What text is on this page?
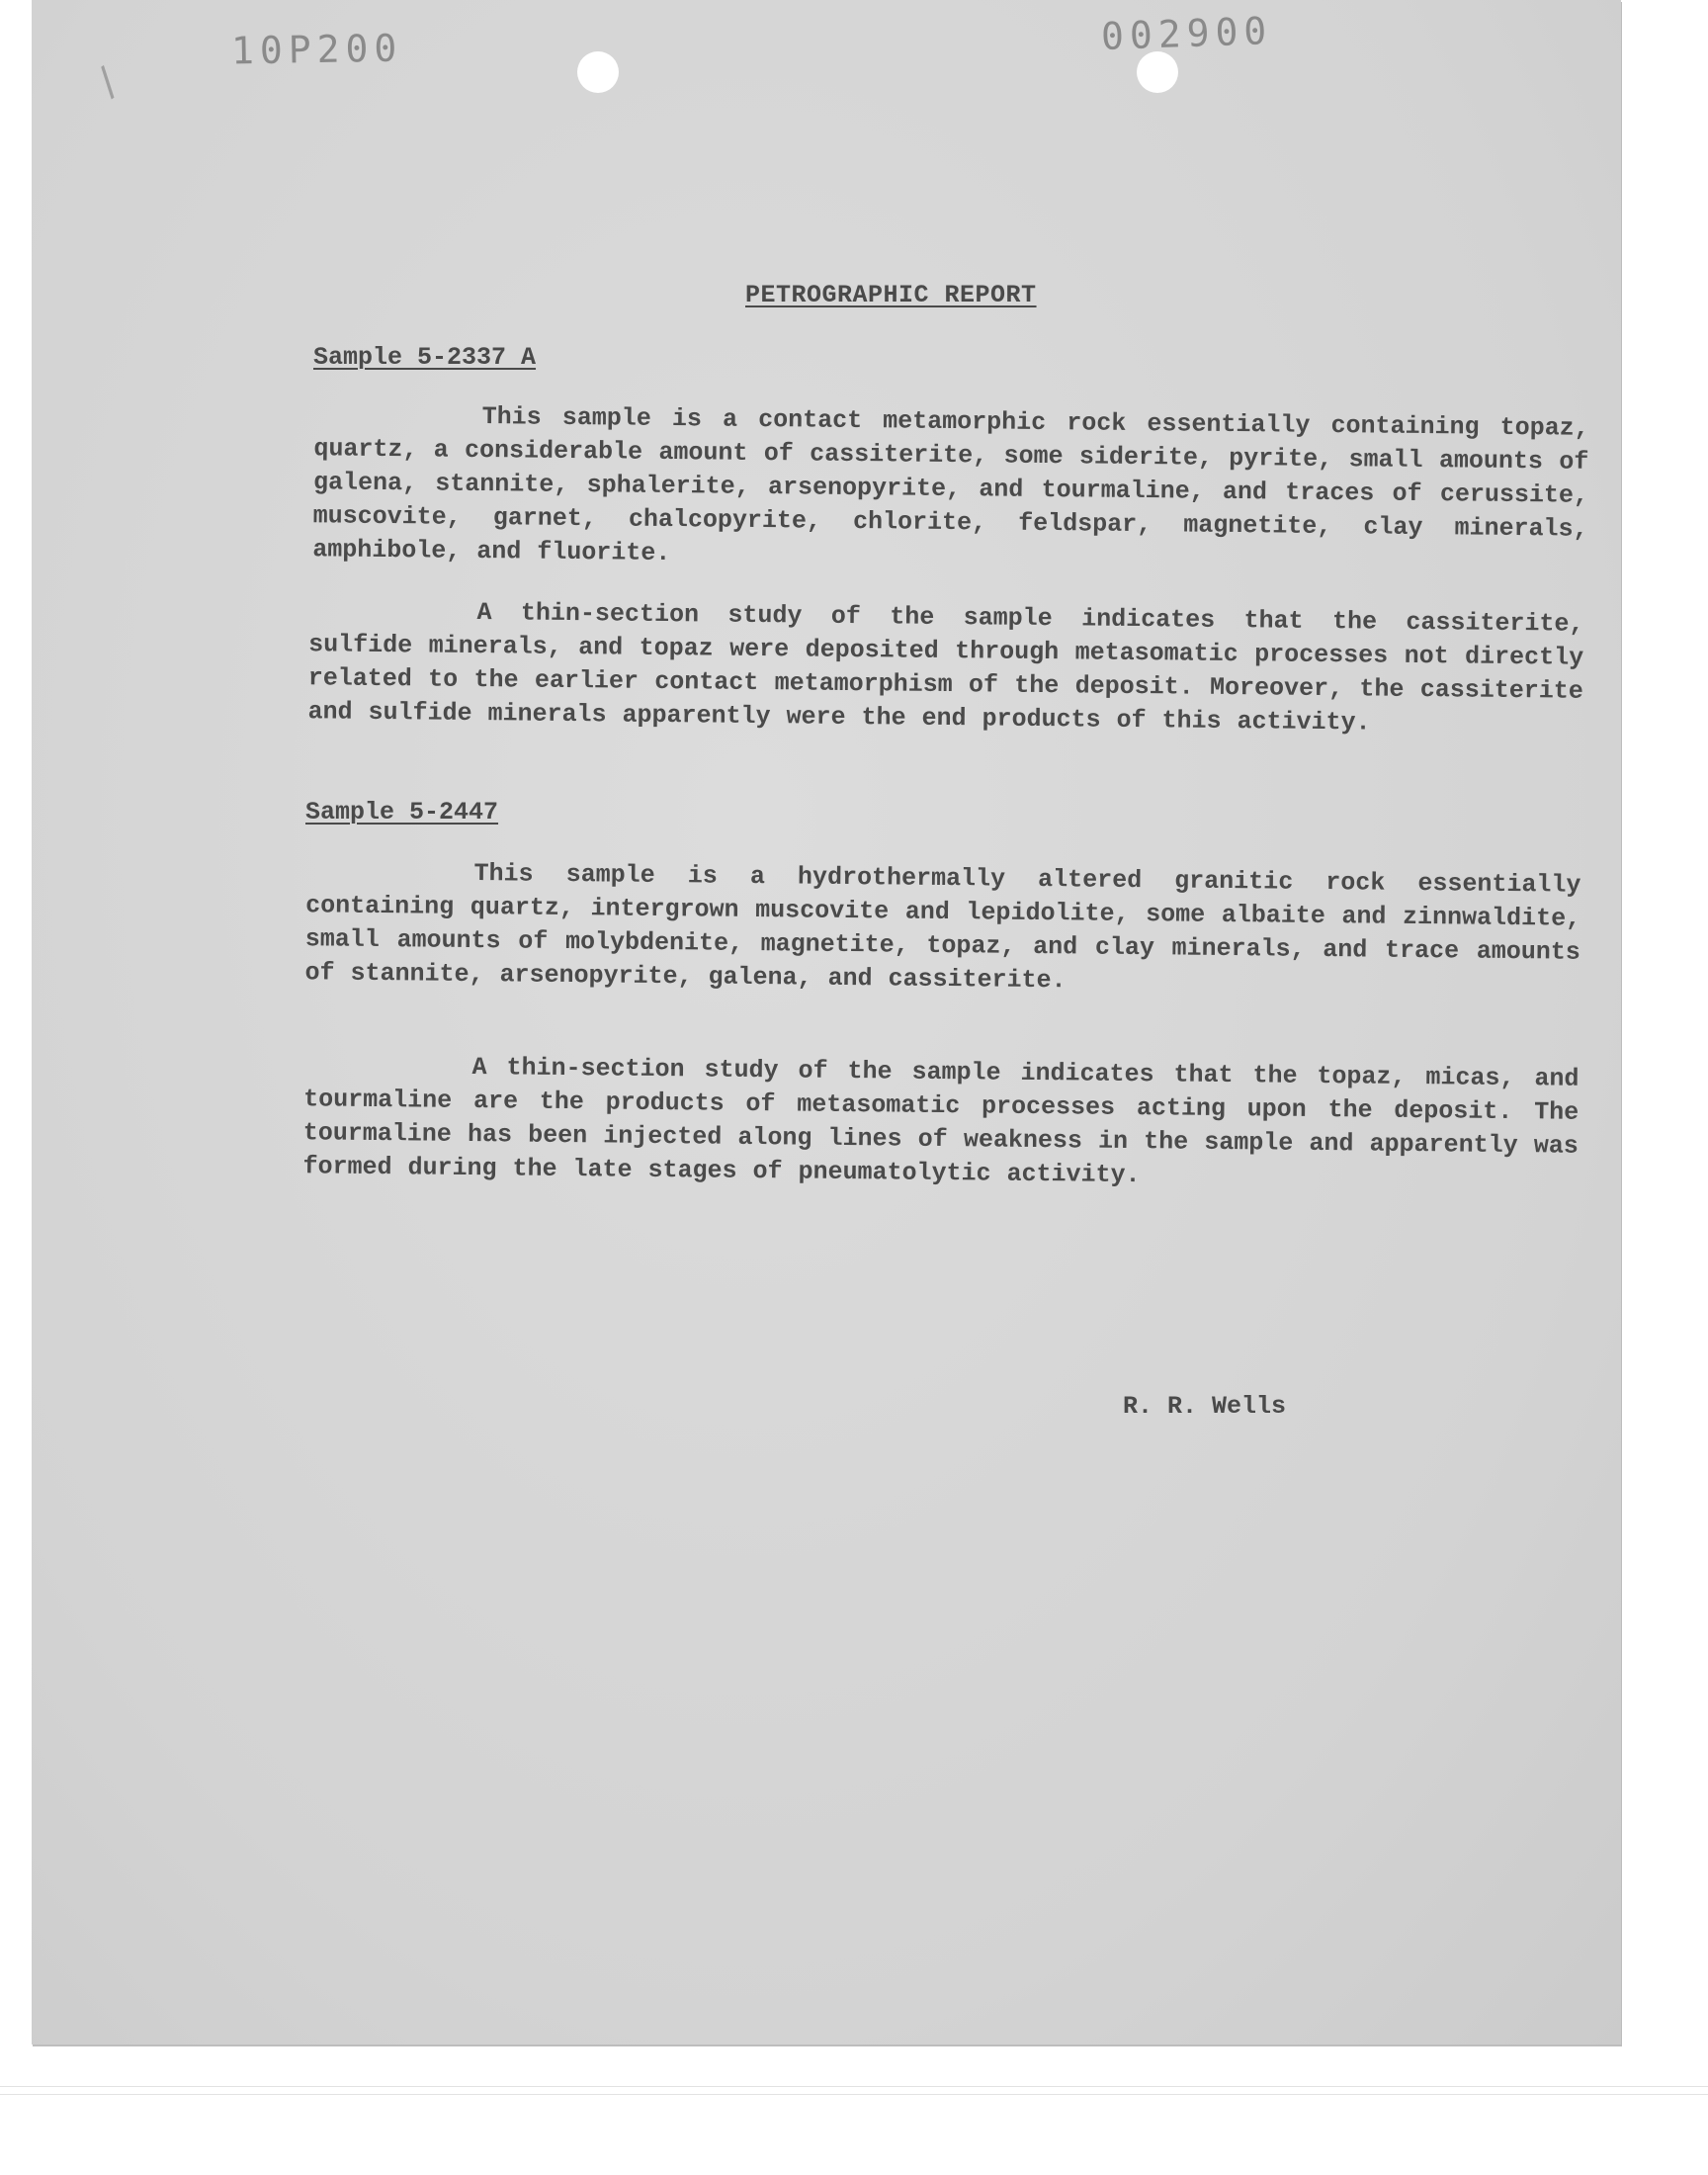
10P200	002900
/
PETROGRAPHIC REPORT
Sample 5-2337 A

This sample is a contact metamorphic rock essentially containing topaz, quartz, a considerable amount of cassiterite, some siderite, pyrite, small amounts of galena, stannite, sphalerite, arsenopyrite, and tourmaline, and traces of cerussite, muscovite, garnet, chalcopyrite, chlorite, feldspar, magnetite, clay minerals, amphibole, and fluorite.

A thin-section study of the sample indicates that the cassiterite, sulfide minerals, and topaz were deposited through metasomatic processes not directly related to the earlier contact metamorphism of the deposit. Moreover, the cassiterite and sulfide minerals apparently were the end products of this activity.

Sample 5-2447

This sample is a hydrothermally altered granitic rock essentially containing quartz, intergrown muscovite and lepidolite, some albaite and zinnwaldite, small amounts of molybdenite, magnetite, topaz, and clay minerals, and trace amounts of stannite, arsenopyrite, galena, and cassiterite.

A thin-section study of the sample indicates that the topaz, micas, and tourmaline are the products of metasomatic processes acting upon the deposit. The tourmaline has been injected along lines of weakness in the sample and apparently was formed during the late stages of pneumatolytic activity.

R. R. Wells
